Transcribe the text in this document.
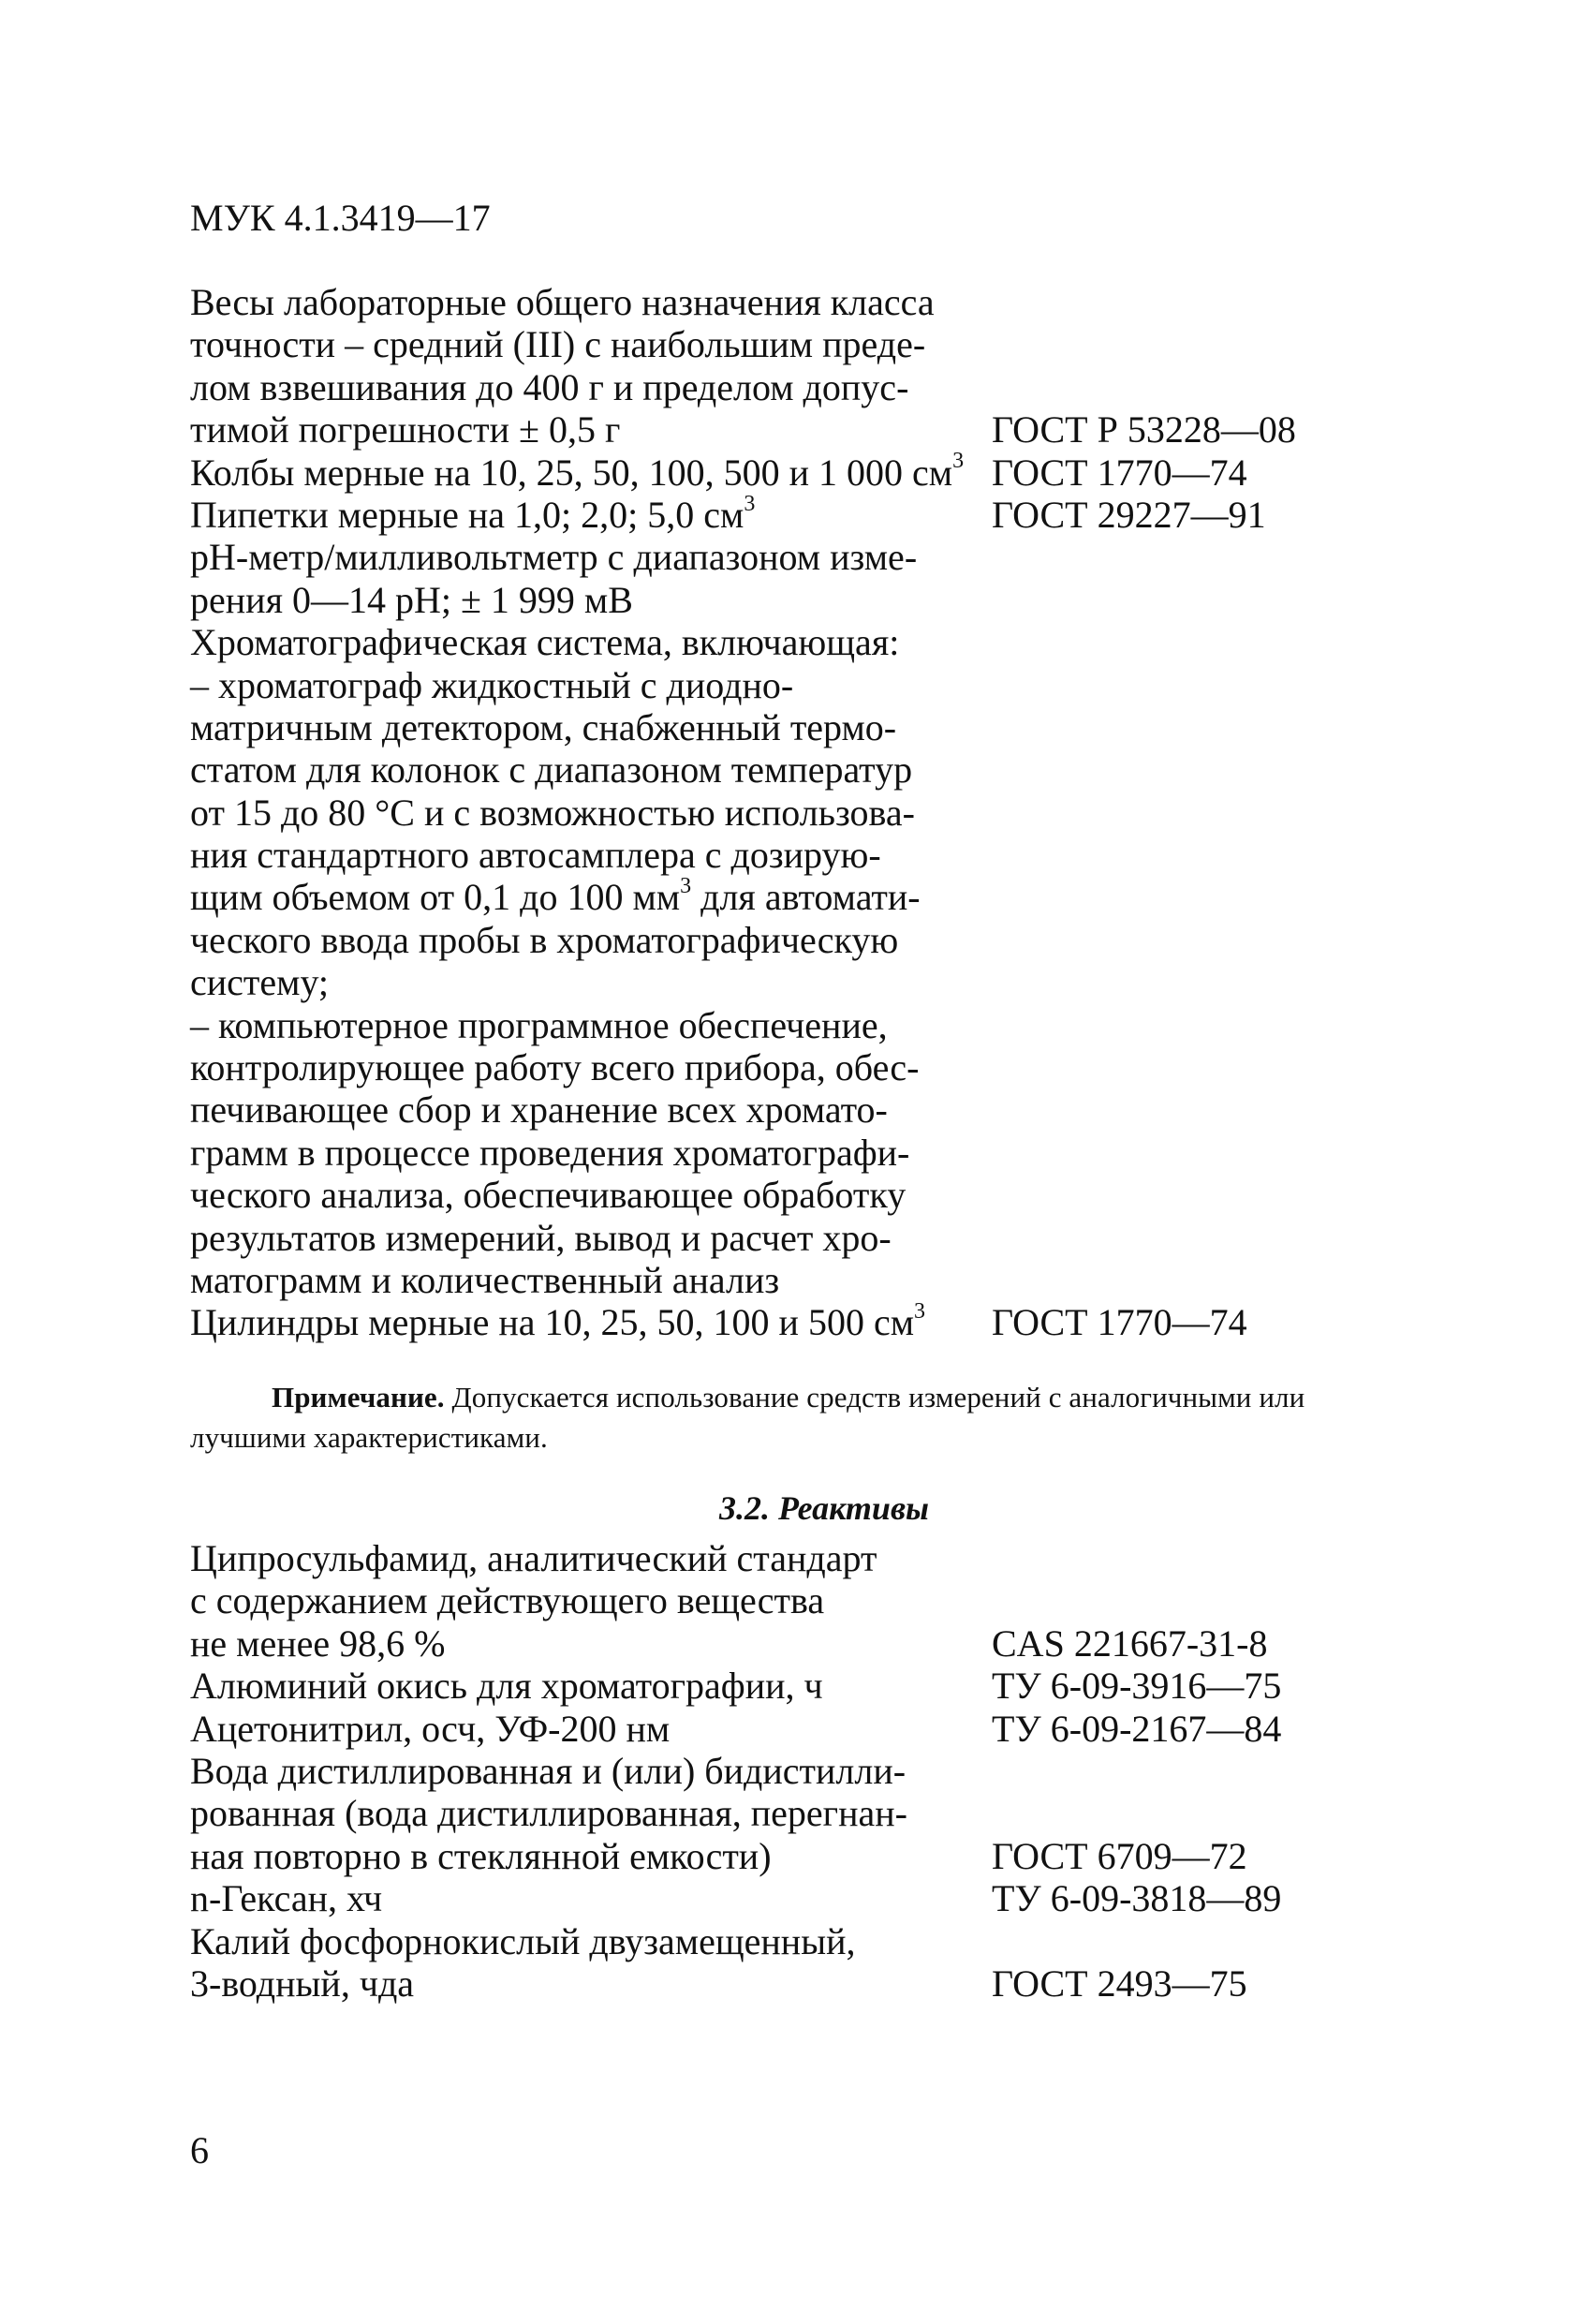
МУК 4.1.3419—17
Весы лабораторные общего назначения класса
точности – средний (III) с наибольшим преде-
лом взвешивания до 400 г и пределом допус-
тимой погрешности ± 0,5 г	ГОСТ Р 53228—08
Колбы мерные на 10, 25, 50, 100, 500 и 1 000 $см^3$ ГОСТ 1770—74
Пипетки мерные на 1,0; 2,0; 5,0 $см^3$	ГОСТ 29227—91
рН-метр/милливольтметр с диапазоном изме-
рения 0—14 рН; ± 1 999 мВ
Хроматографическая система, включающая:
– хроматограф жидкостный с диодно-
матричным детектором, снабженный термо-
статом для колонок с диапазоном температур
от 15 до 80 °С и с возможностью использова-
ния стандартного автосамплера с дозирую-
щим объемом от 0,1 до 100 $мм^3$ для автомати-
ческого ввода пробы в хроматографическую
систему;
– компьютерное программное обеспечение,
контролирующее работу всего прибора, обес-
печивающее сбор и хранение всех хромато-
грамм в процессе проведения хроматографи-
ческого анализа, обеспечивающее обработку
результатов измерений, вывод и расчет хро-
матограмм и количественный анализ
Цилиндры мерные на 10, 25, 50, 100 и 500 $см^3$ ГОСТ 1770—74
Примечание. Допускается использование средств измерений с аналогичными или лучшими характеристиками.
3.2. Реактивы
Ципросульфамид, аналитический стандарт
с содержанием действующего вещества
не менее 98,6 %	CAS 221667-31-8
Алюминий окись для хроматографии, ч	ТУ 6-09-3916—75
Ацетонитрил, осч, УФ-200 нм	ТУ 6-09-2167—84
Вода дистиллированная и (или) бидистилли-
рованная (вода дистиллированная, перегнан-
ная повторно в стеклянной емкости)	ГОСТ 6709—72
n-Гексан, хч	ТУ 6-09-3818—89
Калий фосфорнокислый двузамещенный,
3-водный, чда	ГОСТ 2493—75
6
